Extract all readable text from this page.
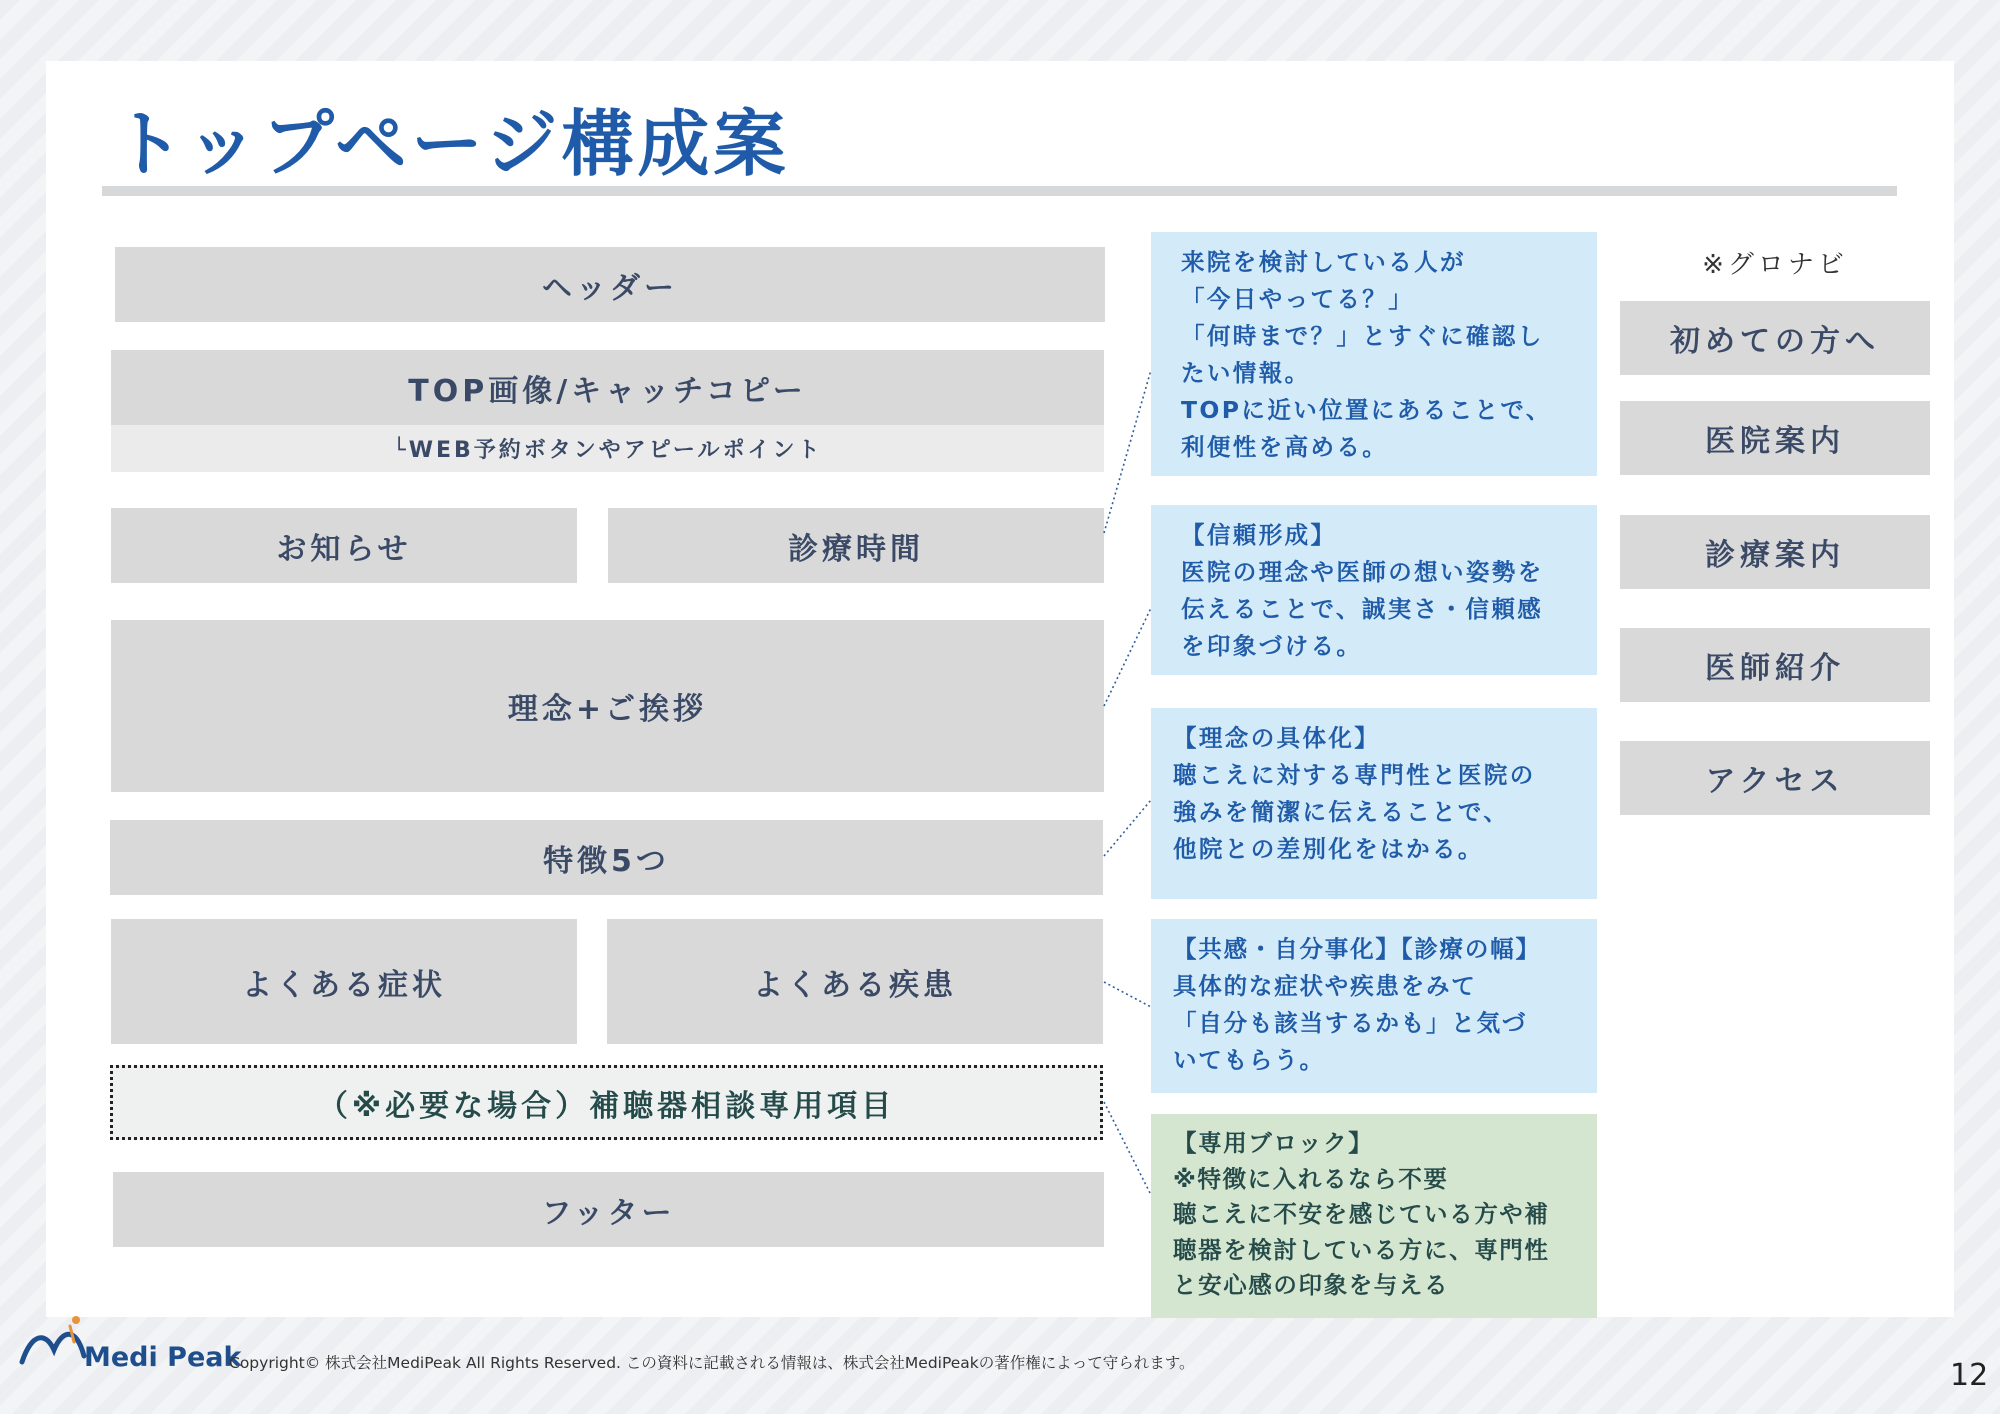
トップページ構成案
ヘッダー
TOP画像/キャッチコピー
└WEB予約ボタンやアピールポイント
お知らせ	診療時間
理念+ご挨拶
特徴5つ
よくある症状	よくある疾患
（※必要な場合）補聴器相談専用項目
フッター
来院を検討している人が
「今日やってる？」
「何時まで？」とすぐに確認し
たい情報。
TOPに近い位置にあることで、
利便性を高める。
【信頼形成】
医院の理念や医師の想い姿勢を
伝えることで、誠実さ・信頼感
を印象づける。
【理念の具体化】
聴こえに対する専門性と医院の
強みを簡潔に伝えることで、
他院との差別化をはかる。
【共感・自分事化】【診療の幅】
具体的な症状や疾患をみて
「自分も該当するかも」と気づ
いてもらう。
【専用ブロック】
※特徴に入れるなら不要
聴こえに不安を感じている方や補
聴器を検討している方に、専門性
と安心感の印象を与える
※グロナビ
初めての方へ
医院案内
診療案内
医師紹介
アクセス
Medi Peak
Copyright© 株式会社MediPeak All Rights Reserved. この資料に記載される情報は、株式会社MediPeakの著作権によって守られます。	12
